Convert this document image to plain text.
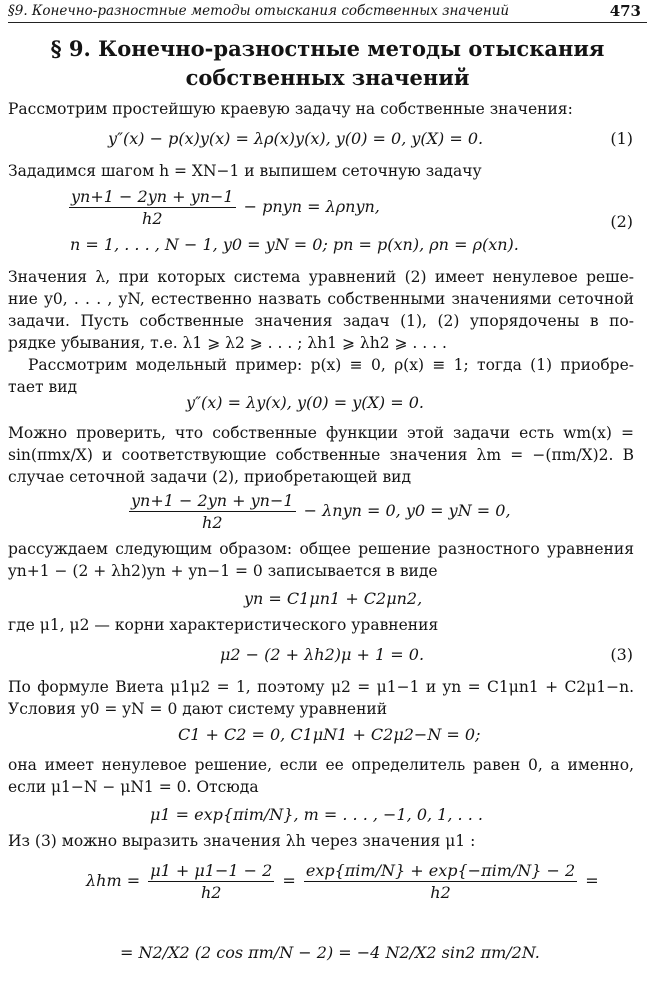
§9. Конечно-разностные методы отыскания собственных значений	473
§ 9. Конечно-разностные методы отыскания
собственных значений
Рассмотрим простейшую краевую задачу на собственные значения:
y″(x) − p(x)y(x) = λρ(x)y(x), y(0) = 0, y(X) = 0.	(1)
Зададимся шагом h = XN−1 и выпишем сеточную задачу
$\frac{yn+1 - 2yn + yn-1}{h2}$ − pnyn = λρnyn,
(2)
n = 1, . . . , N − 1, y0 = yN = 0; pn = p(xn), ρn = ρ(xn).
Значения λ, при которых система уравнений (2) имеет ненулевое реше-
ние y0, . . . , yN, естественно назвать собственными значениями сеточной
задачи. Пусть собственные значения задач (1), (2) упорядочены в по-
рядке убывания, т.е. λ1 ⩾ λ2 ⩾ . . . ; λh1 ⩾ λh2 ⩾ . . . .
Рассмотрим модельный пример: p(x) ≡ 0, ρ(x) ≡ 1; тогда (1) приобре-
тает вид
y″(x) = λy(x), y(0) = y(X) = 0.
Можно проверить, что собственные функции этой задачи есть wm(x) =
sin(πmx/X) и соответствующие собственные значения λm = −(πm/X)2. В
случае сеточной задачи (2), приобретающей вид
$\frac{yn+1 - 2yn + yn-1}{h2} - \lambda nyn = 0$, y0 = yN = 0,
рассуждаем следующим образом: общее решение разностного уравнения
yn+1 − (2 + λh2)yn + yn−1 = 0 записывается в виде
yn = C1μn1 + C2μn2,
где μ1, μ2 — корни характеристического уравнения
μ2 − (2 + λh2)μ + 1 = 0.	(3)
По формуле Виета μ1μ2 = 1, поэтому μ2 = μ1−1 и yn = C1μn1 + C2μ1−n.
Условия y0 = yN = 0 дают систему уравнений
C1 + C2 = 0, C1μN1 + C2μ2−N = 0;
она имеет ненулевое решение, если ее определитель равен 0, а именно,
если μ1−N − μN1 = 0. Отсюда
μ1 = exp{πim/N}, m = . . . , −1, 0, 1, . . .
Из (3) можно выразить значения λh через значения μ1 :
$\lambda hm = \frac{\mu 1 + \mu 1-1 - 2}{h2} = \frac{\text{exp\{πim/N\} + exp\{−πim/N\} − 2}}{h2}$ =
= N2/X2 (2 cos πm/N − 2) = −4 N2/X2 sin2 πm/2N.
